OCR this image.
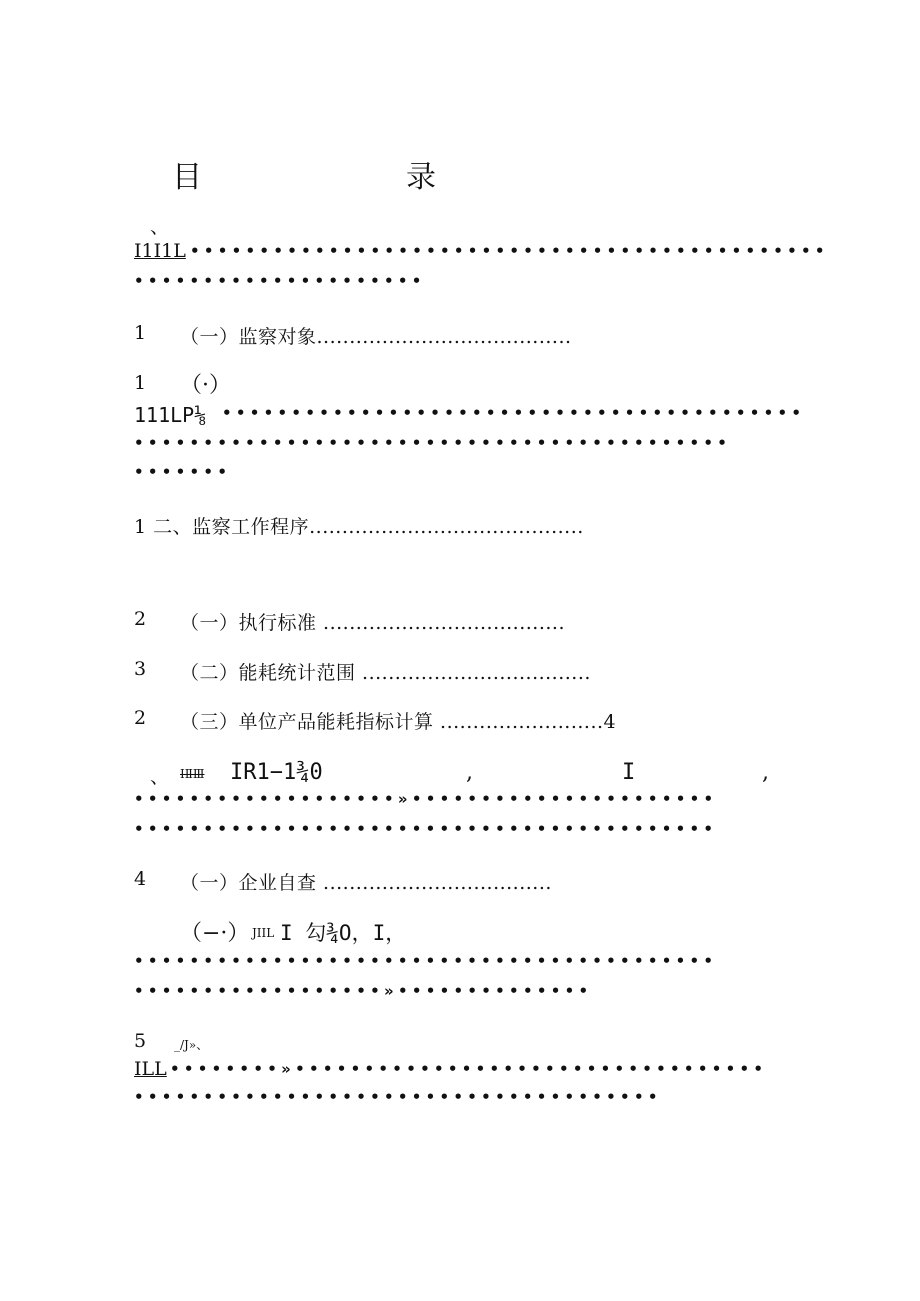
目	录
、
I1I1L ••••••••••••••••••••••••••••••••••••••••••••••
•••••••••••••••••••••
1 （一）监察对象.......................................
1 （·）
111LP⅛ ••••••••••••••••••••••••••••••••••••••••••
•••••••••••••••••••••••••••••••••••••••••••
•••••••
1 二、监察工作程序..........................................
2 （一）执行标准 .....................................
3 （二）能耗统计范围 ...................................
2 （三）单位产品能耗指标计算 .........................4
、 ⅠⅡⅢ IR1−1¾0	,	I	,
•••••••••••••••••••»••••••••••••••••••••••
••••••••••••••••••••••••••••••••••••••••••
4 （一）企业自查 ...................................
（−·） JIIL I 勾¾O，I，
••••••••••••••••••••••••••••••••••••••••••
••••••••••••••••••»••••••••••••••
5 _/J»、
ILL ••••••••»••••••••••••••••••••••••••••••••••
••••••••••••••••••••••••••••••••••••••
